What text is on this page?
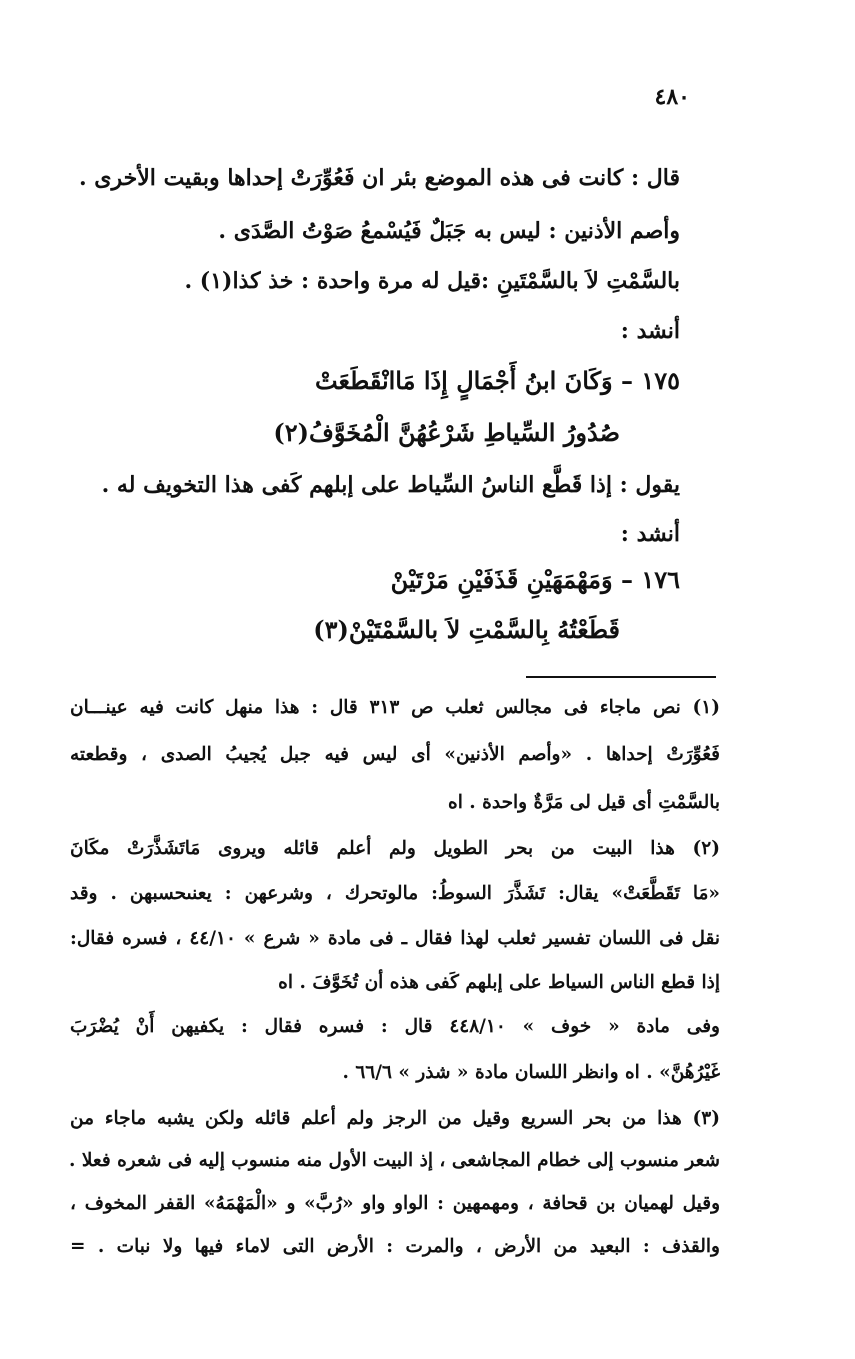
٤٨٠
قال : كانت فى هذه الموضع بئر ان فَعُوِّرَتْ إحداها وبقيت الأخرى .
وأصم الأذنين : ليس به جَبَلٌ فَيُسْمعُ صَوْتُ الصَّدَى .
بالسَّمْتِ لاَ بالسَّمْتَينِ :قيل له مرة واحدة : خذ كذا(١) .
أنشد :
١٧٥ – وَكَانَ ابنُ أَجْمَالٍ إِذَا مَاانْقَطَعَتْ
صُدُورُ السِّياطِ شَرْعُهُنَّ الْمُخَوَّفُ(٢)
يقول : إذا قَطَّع الناسُ السِّياط على إبلهم كَفى هذا التخويف له .
أنشد :
١٧٦ – وَمَهْمَهَيْنِ قَذَفَيْنِ مَرْتَيْنْ
قَطَعْتُهُ بِالسَّمْتِ لاَ بالسَّمْتَيْنْ(٣)
(١) نص ماجاء فى مجالس ثعلب ص ٣١٣ قال : هذا منهل كانت فيه عينـــان
فَعُوِّرَتْ إحداها . «وأصم الأذنين» أى ليس فيه جبل يُجيبُ الصدى ، وقطعته
بالسَّمْتِ أى قيل لى مَرَّةٌ واحدة . اه
(٢) هذا البيت من بحر الطويل ولم أعلم قائله ويروى مَاتَشَذَّرَتْ مكَانَ
«مَا تَقَطَّعَتْ» يقال: تَشَذَّرَ السوطُ: مالوتحرك ، وشرعهن : يعنىحسبهن . وقد
نقل فى اللسان تفسير ثعلب لهذا فقال ـ فى مادة « شرع » ٤٤/١٠ ، فسره فقال:
إذا قطع الناس السياط على إبلهم كَفى هذه أن تُخَوَّفَ . اه
وفى مادة « خوف » ٤٤٨/١٠ قال : فسره فقال : يكفيهن أَنْ يُضْرَبَ
غَيْرُهُنَّ» . اه وانظر اللسان مادة « شذر » ٦٦/٦ .
(٣) هذا من بحر السريع وقيل من الرجز ولم أعلم قائله ولكن يشبه ماجاء من
شعر منسوب إلى خطام المجاشعى ، إذ البيت الأول منه منسوب إليه فى شعره فعلا .
وقيل لهميان بن قحافة ، ومهمهين : الواو واو «رُبَّ» و «الْمَهْمَهُ» القفر المخوف ،
والقذف : البعيد من الأرض ، والمرت : الأرض التى لاماء فيها ولا نبات . =
